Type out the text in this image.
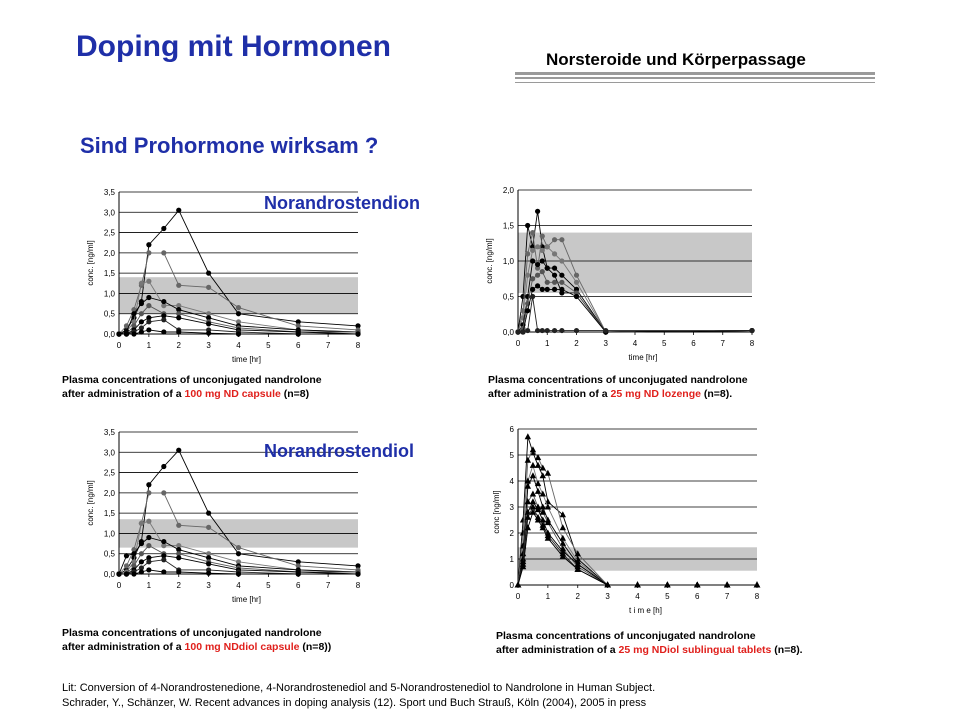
Doping mit Hormonen	Norsteroide und Körperpassage
Sind Prohormone wirksam ?
0,0
0,5
1,0
1,5
2,0
2,5
3,0
3,5
0	1	2	3	4	5	6	7	8
time [hr]
conc. [ng/ml]
0,0
0,5
1,0
1,5
2,0
0	1	2	3	4	5	6	7	8
time [hr]
conc. [ng/ml]
0,0
0,5
1,0
1,5
2,0
2,5
3,0
3,5
0	1	2	3	4	5	6	7	8
time [hr]
conc. [ng/ml]
0
1
2
3
4
5
6
0	1	2	3	4	5	6	7	8
t i m e [h]
conc [ng/ml]
Norandrostendion
Norandrostendiol
Plasma concentrations of unconjugated nandrolone
after administration of a 100 mg ND capsule (n=8)
Plasma concentrations of unconjugated nandrolone
after administration of a 25 mg ND lozenge (n=8).
Plasma concentrations of unconjugated nandrolone
after administration of a 100 mg NDdiol capsule (n=8))
Plasma concentrations of unconjugated nandrolone
after administration of a 25 mg NDiol sublingual tablets (n=8).
Lit: Conversion of 4-Norandrostenedione, 4-Norandrostenediol and 5-Norandrostenediol to Nandrolone in Human Subject.
Schrader, Y., Schänzer, W. Recent advances in doping analysis (12). Sport und Buch Strauß, Köln (2004), 2005 in press
